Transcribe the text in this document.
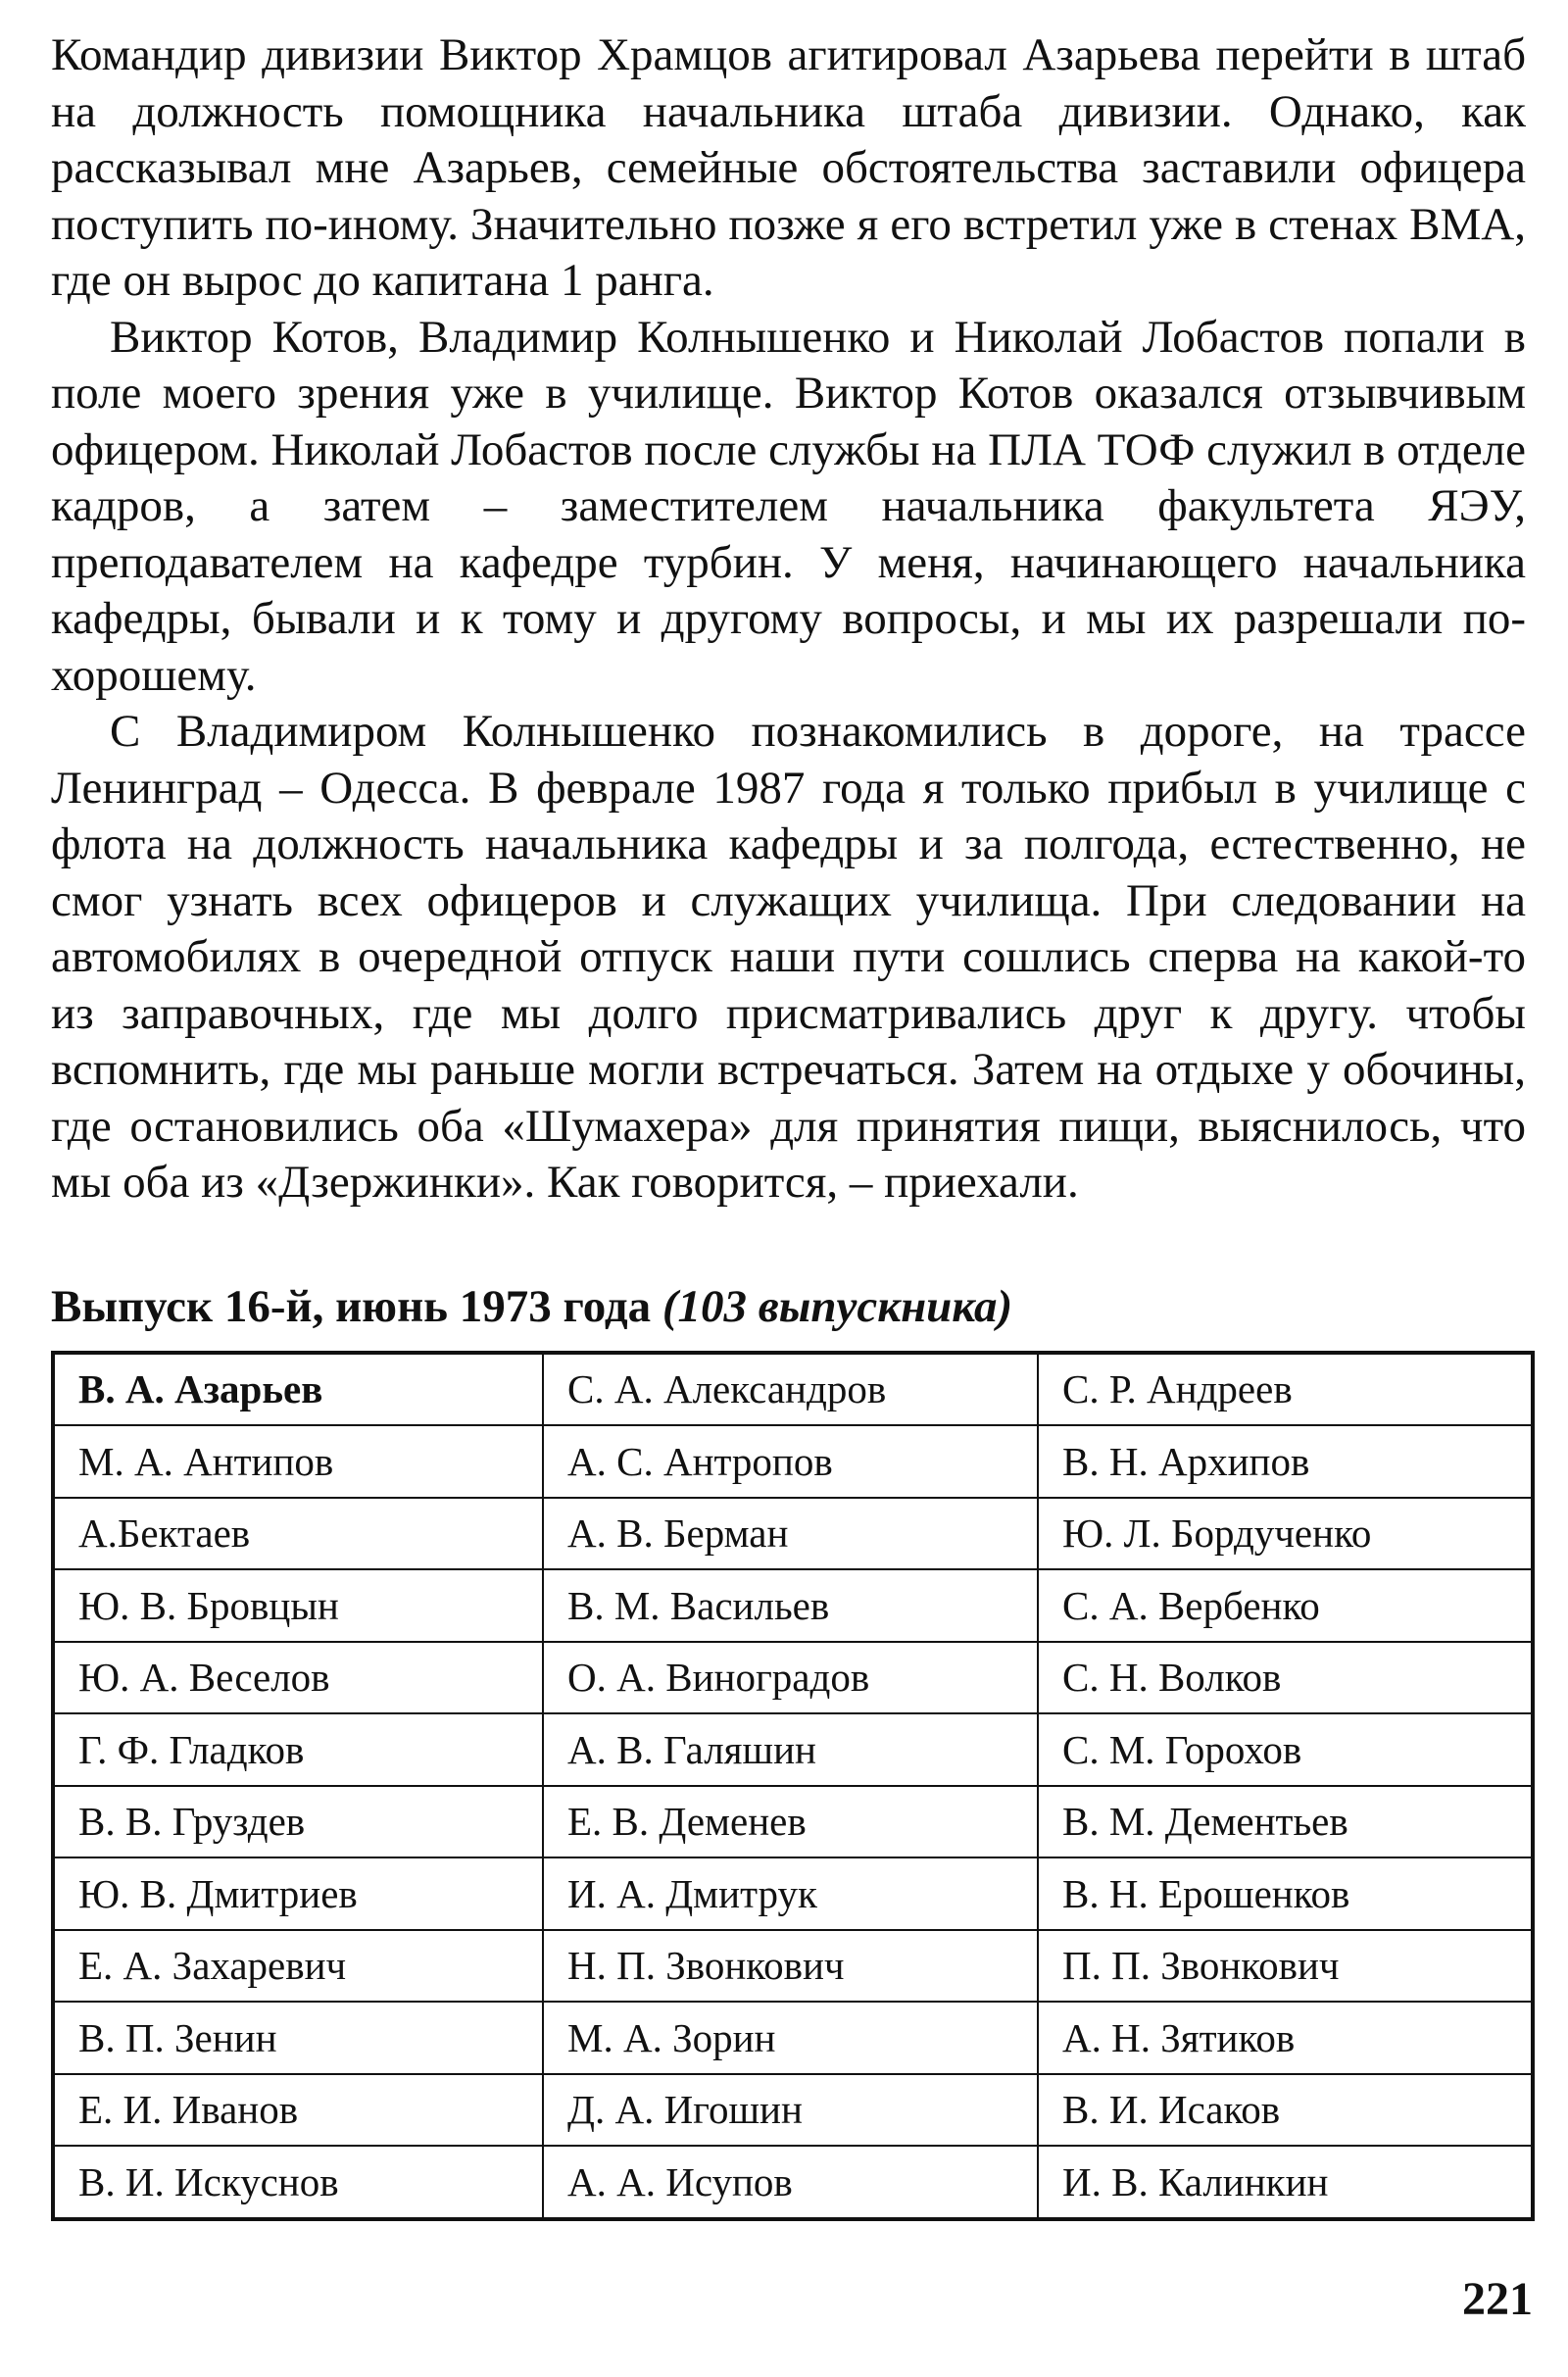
Командир дивизии Виктор Храмцов агитировал Азарьева перейти в штаб на должность помощника начальника штаба дивизии. Однако, как рассказывал мне Азарьев, семейные обстоятельства заставили офицера поступить по-иному. Значительно позже я его встретил уже в стенах ВМА, где он вырос до капитана 1 ранга.

Виктор Котов, Владимир Колнышенко и Николай Лобастов попали в поле моего зрения уже в училище. Виктор Котов оказался отзывчивым офицером. Николай Лобастов после службы на ПЛА ТОФ служил в отделе кадров, а затем – заместителем начальника факультета ЯЭУ, преподавателем на кафедре турбин. У меня, начинающего начальника кафедры, бывали и к тому и другому вопросы, и мы их разрешали по-хорошему.

С Владимиром Колнышенко познакомились в дороге, на трассе Ленинград – Одесса. В феврале 1987 года я только прибыл в училище с флота на должность начальника кафедры и за полгода, естественно, не смог узнать всех офицеров и служащих училища. При следовании на автомобилях в очередной отпуск наши пути сошлись сперва на какой-то из заправочных, где мы долго присматривались друг к другу. чтобы вспомнить, где мы раньше могли встречаться. Затем на отдыхе у обочины, где остановились оба «Шумахера» для принятия пищи, выяснилось, что мы оба из «Дзержинки». Как говорится, – приехали.

Выпуск 16-й, июнь 1973 года (103 выпускника)
В. А. Азарьев	С. А. Александров	С. Р. Андреев
М. А. Антипов	А. С. Антропов	В. Н. Архипов
А.Бектаев	А. В. Берман	Ю. Л. Бордученко
Ю. В. Бровцын	В. М. Васильев	С. А. Вербенко
Ю. А. Веселов	О. А. Виноградов	С. Н. Волков
Г. Ф. Гладков	А. В. Галяшин	С. М. Горохов
В. В. Груздев	Е. В. Деменев	В. М. Дементьев
Ю. В. Дмитриев	И. А. Дмитрук	В. Н. Ерошенков
Е. А. Захаревич	Н. П. Звонкович	П. П. Звонкович
В. П. Зенин	М. А. Зорин	А. Н. Зятиков
Е. И. Иванов	Д. А. Игошин	В. И. Исаков
В. И. Искуснов	А. А. Исупов	И. В. Калинкин
221
